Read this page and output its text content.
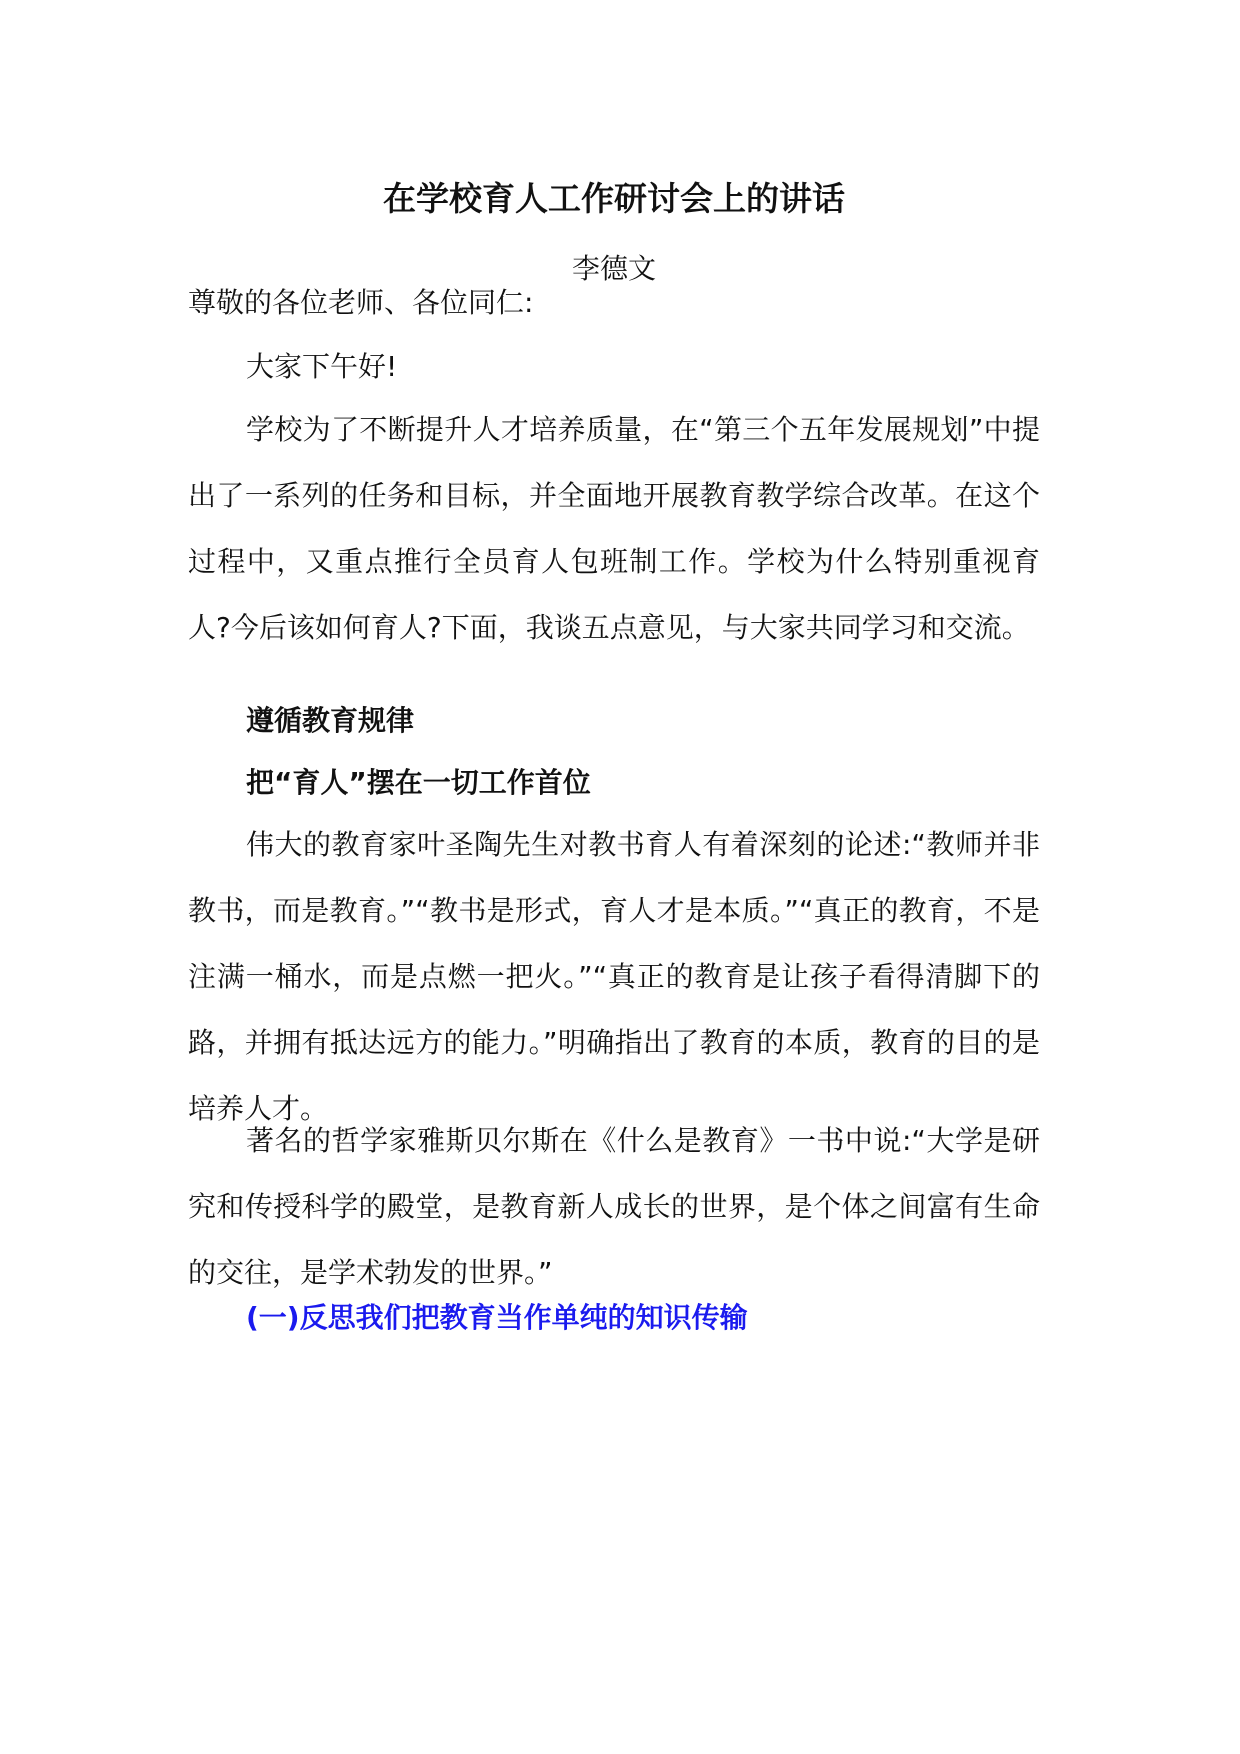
在学校育人工作研讨会上的讲话

李德文

尊敬的各位老师、各位同仁:

大家下午好!

学校为了不断提升人才培养质量，在“第三个五年发展规划”中提出了一系列的任务和目标，并全面地开展教育教学综合改革。在这个过程中，又重点推行全员育人包班制工作。学校为什么特别重视育人?今后该如何育人?下面，我谈五点意见，与大家共同学习和交流。

遵循教育规律

把“育人”摆在一切工作首位

伟大的教育家叶圣陶先生对教书育人有着深刻的论述:“教师并非教书，而是教育。”“教书是形式，育人才是本质。”“真正的教育，不是注满一桶水，而是点燃一把火。”“真正的教育是让孩子看得清脚下的路，并拥有抵达远方的能力。”明确指出了教育的本质，教育的目的是培养人才。

著名的哲学家雅斯贝尔斯在《什么是教育》一书中说:“大学是研究和传授科学的殿堂，是教育新人成长的世界，是个体之间富有生命的交往，是学术勃发的世界。”

(一)反思我们把教育当作单纯的知识传输
